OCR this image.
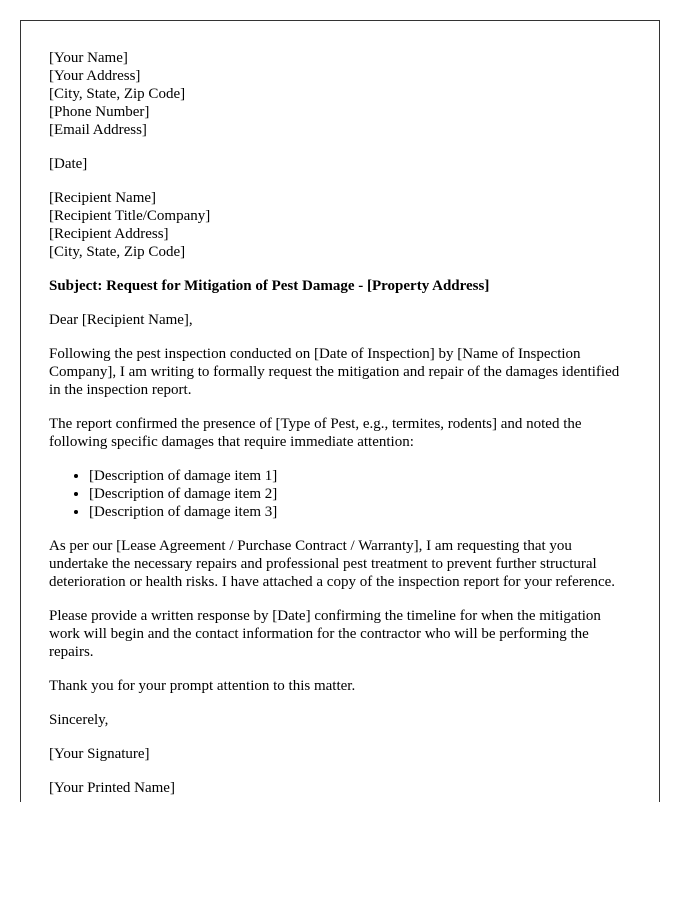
[Your Name]
[Your Address]
[City, State, Zip Code]
[Phone Number]
[Email Address]
[Date]
[Recipient Name]
[Recipient Title/Company]
[Recipient Address]
[City, State, Zip Code]

Subject: Request for Mitigation of Pest Damage - [Property Address]

Dear [Recipient Name],

Following the pest inspection conducted on [Date of Inspection] by [Name of Inspection Company], I am writing to formally request the mitigation and repair of the damages identified in the inspection report.

The report confirmed the presence of [Type of Pest, e.g., termites, rodents] and noted the following specific damages that require immediate attention:

• [Description of damage item 1]
• [Description of damage item 2]
• [Description of damage item 3]

As per our [Lease Agreement / Purchase Contract / Warranty], I am requesting that you undertake the necessary repairs and professional pest treatment to prevent further structural deterioration or health risks. I have attached a copy of the inspection report for your reference.

Please provide a written response by [Date] confirming the timeline for when the mitigation work will begin and the contact information for the contractor who will be performing the repairs.

Thank you for your prompt attention to this matter.

Sincerely,

[Your Signature]

[Your Printed Name]
